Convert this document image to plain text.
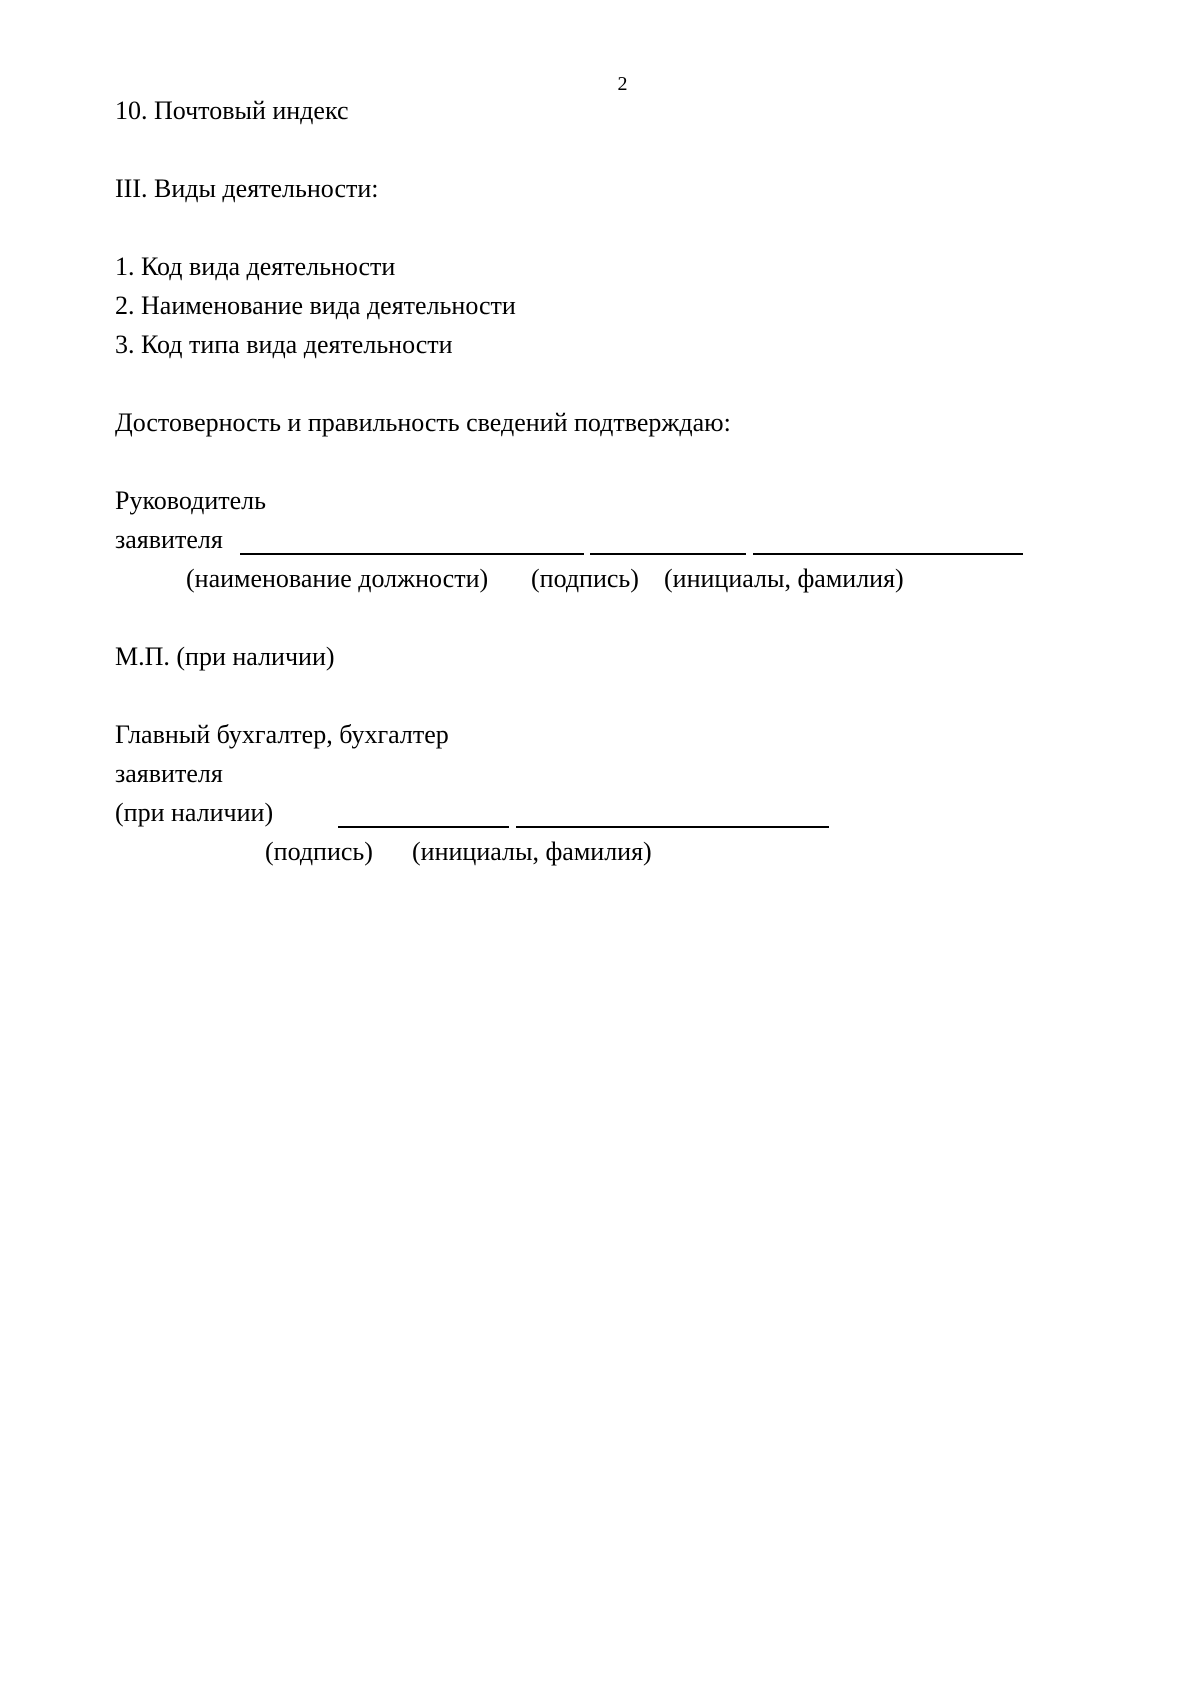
2
10. Почтовый индекс
III. Виды деятельности:
1. Код вида деятельности
2. Наименование вида деятельности
3. Код типа вида деятельности
Достоверность и правильность сведений подтверждаю:
Руководитель
заявителя
(наименование должности) (подпись) (инициалы, фамилия)
М.П. (при наличии)
Главный бухгалтер, бухгалтер
заявителя
(при наличии)
(подпись) (инициалы, фамилия)
